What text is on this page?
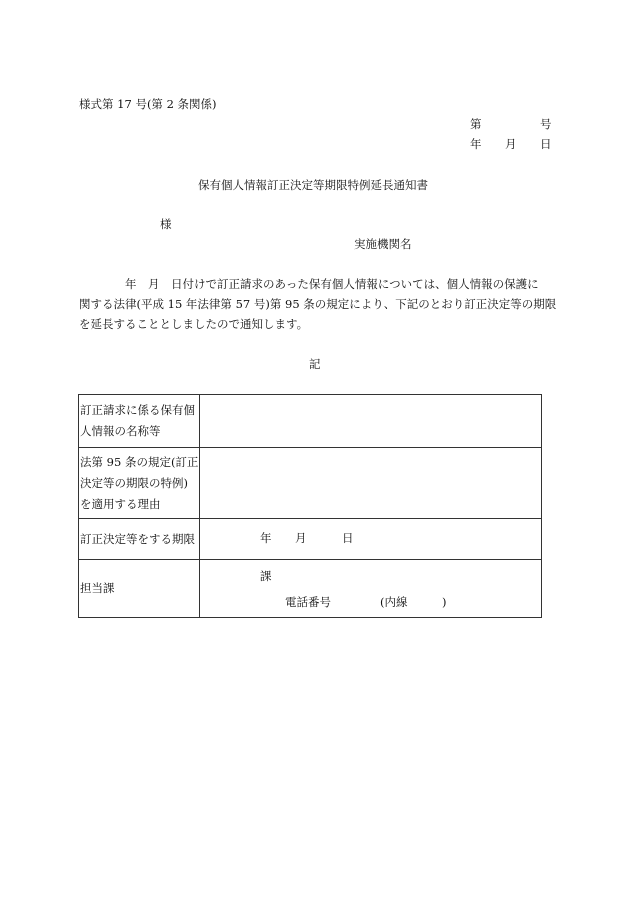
様式第 17 号(第 2 条関係)
第	号
年 月 日
保有個人情報訂正決定等期限特例延長通知書
様
実施機関名
年　月　日付けで訂正請求のあった保有個人情報については、個人情報の保護に
関する法律(平成 15 年法律第 57 号)第 95 条の規定により、下記のとおり訂正決定等の期限
を延長することとしましたので通知します。
記
訂正請求に係る保有個
人情報の名称等	

法第 95 条の規定(訂正
決定等の期限の特例)
を適用する理由	

訂正決定等をする期限	年 月 日

担当課	課
電話番号 (内線　　　)
